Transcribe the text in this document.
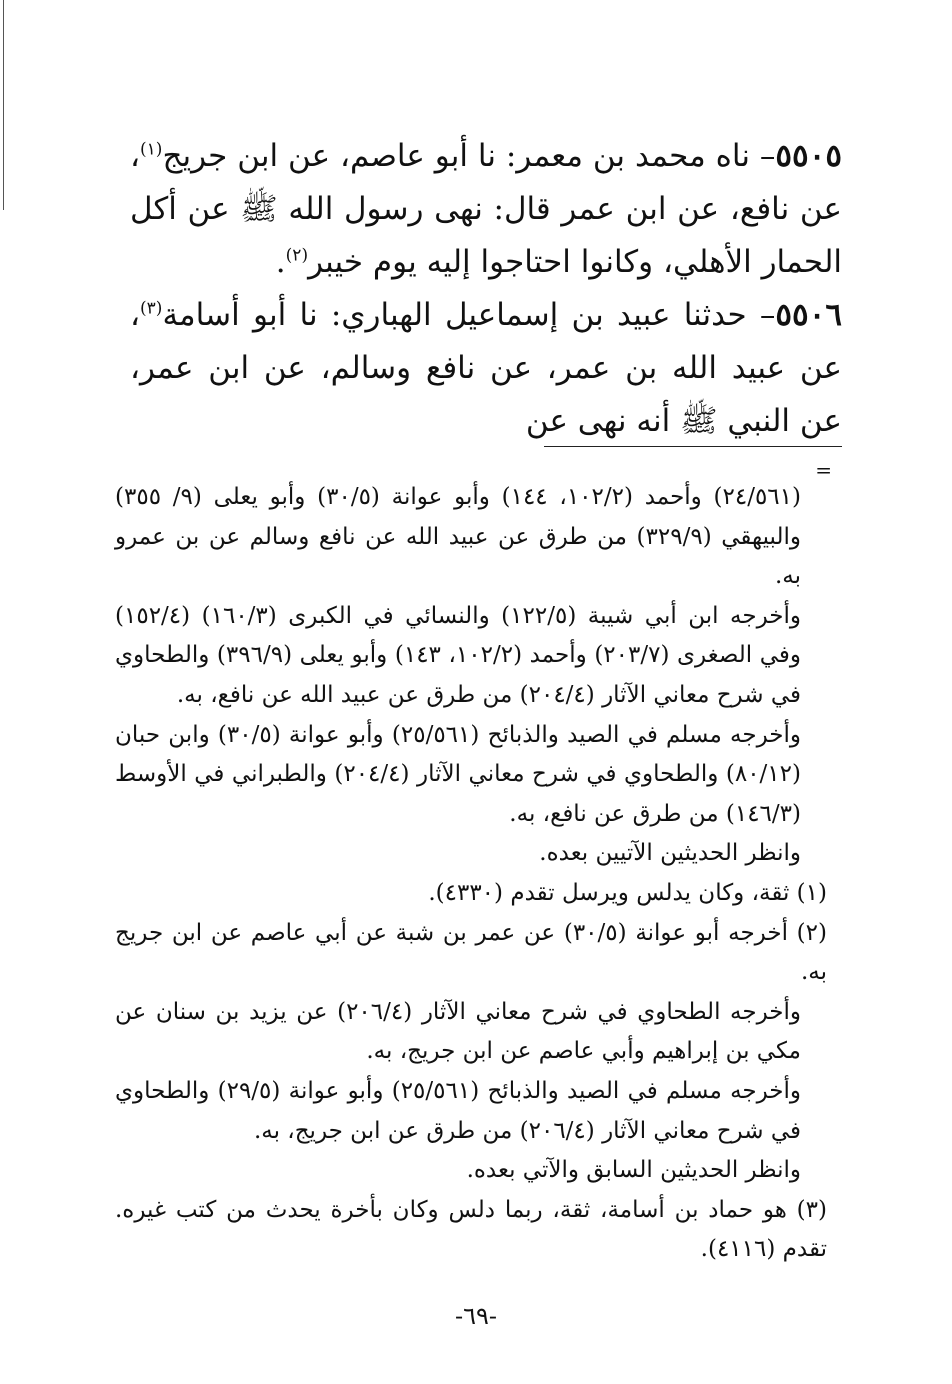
٥٥٠٥– ناه محمد بن معمر: نا أبو عاصم، عن ابن جريج$^{(١)}$، عن نافع، عن ابن عمر قال: نهى رسول الله ﷺ عن أكل الحمار الأهلي، وكانوا احتاجوا إليه يوم خيبر$^{(٢)}$.

٥٥٠٦– حدثنا عبيد بن إسماعيل الهباري: نا أبو أسامة$^{(٣)}$، عن عبيد الله بن عمر، عن نافع وسالم، عن ابن عمر، عن النبي ﷺ أنه نهى عن

=

(٢٤/٥٦١) وأحمد (١٠٢/٢، ١٤٤) وأبو عوانة (٣٠/٥) وأبو يعلى (٩/ ٣٥٥) والبيهقي (٣٢٩/٩) من طرق عن عبيد الله عن نافع وسالم عن بن عمرو به.

وأخرجه ابن أبي شيبة (١٢٢/٥) والنسائي في الكبرى (١٦٠/٣) (١٥٢/٤) وفي الصغرى (٢٠٣/٧) وأحمد (١٠٢/٢، ١٤٣) وأبو يعلى (٣٩٦/٩) والطحاوي في شرح معاني الآثار (٢٠٤/٤) من طرق عن عبيد الله عن نافع، به.

وأخرجه مسلم في الصيد والذبائح (٢٥/٥٦١) وأبو عوانة (٣٠/٥) وابن حبان (٨٠/١٢) والطحاوي في شرح معاني الآثار (٢٠٤/٤) والطبراني في الأوسط (١٤٦/٣) من طرق عن نافع، به.

وانظر الحديثين الآتيين بعده.

(١) ثقة، وكان يدلس ويرسل تقدم (٤٣٣٠).

(٢) أخرجه أبو عوانة (٣٠/٥) عن عمر بن شبة عن أبي عاصم عن ابن جريج به.

وأخرجه الطحاوي في شرح معاني الآثار (٢٠٦/٤) عن يزيد بن سنان عن مكي بن إبراهيم وأبي عاصم عن ابن جريج، به.

وأخرجه مسلم في الصيد والذبائح (٢٥/٥٦١) وأبو عوانة (٢٩/٥) والطحاوي في شرح معاني الآثار (٢٠٦/٤) من طرق عن ابن جريج، به.

وانظر الحديثين السابق والآتي بعده.

(٣) هو حماد بن أسامة، ثقة، ربما دلس وكان بأخرة يحدث من كتب غيره. تقدم (٤١١٦).

-٦٩-
